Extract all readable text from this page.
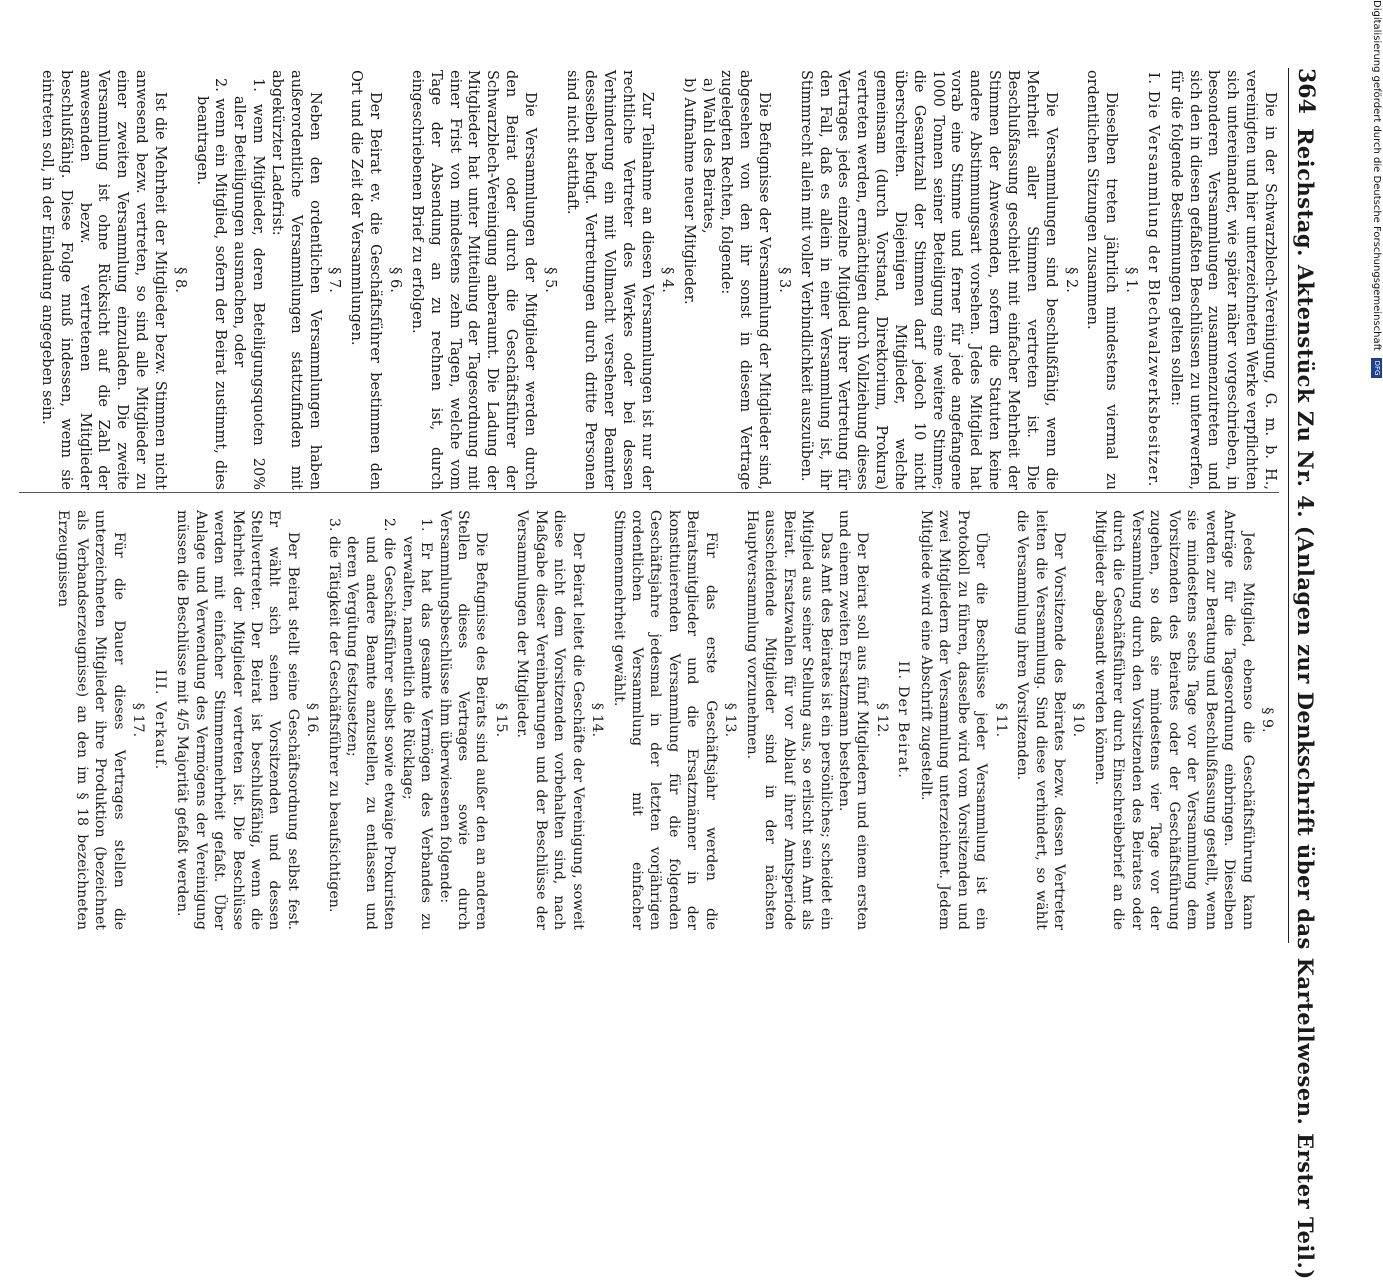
364
Reichstag. Aktenstück Zu Nr. 4. (Anlagen zur Denkschrift über das Kartellwesen. Erster Teil.)

Die in der Schwarzblech-Vereinigung, G. m. b. H., vereinigten und hier unterzeichneten Werke verpflichten sich untereinander, wie später näher vorgeschrieben, in besonderen Versammlungen zusammenzutreten und sich den in diesen gefaßten Beschlüssen zu unterwerfen, für die folgende Bestimmungen gelten sollen:

I. Die Versammlung der Blechwalzwerksbesitzer.
§ 1.

Dieselben treten jährlich mindestens viermal zu ordentlichen Sitzungen zusammen.

§ 2.

Die Versammlungen sind beschlußfähig, wenn die Mehrheit aller Stimmen vertreten ist. Die Beschlußfassung geschieht mit einfacher Mehrheit der Stimmen der Anwesenden, sofern die Statuten keine andere Abstimmungsart vorsehen. Jedes Mitglied hat vorab eine Stimme und ferner für jede angefangene 1000 Tonnen seiner Beteiligung eine weitere Stimme; die Gesamtzahl der Stimmen darf jedoch 10 nicht überschreiten. Diejenigen Mitglieder, welche gemeinsam (durch Vorstand, Direktorium, Prokura) vertreten werden, ermächtigen durch Vollziehung dieses Vertrages jedes einzelne Mitglied ihrer Vertretung für den Fall, daß es allein in einer Versammlung ist, ihr Stimmrecht allein mit voller Verbindlichkeit auszuüben.

§ 3.

Die Befugnisse der Versammlung der Mitglieder sind, abgesehen von den ihr sonst in diesem Vertrage zugelegten Rechten, folgende:

a) Wahl des Beirates,

b) Aufnahme neuer Mitglieder.

§ 4.

Zur Teilnahme an diesen Versammlungen ist nur der rechtliche Vertreter des Werkes oder bei dessen Verhinderung ein mit Vollmacht versehener Beamter desselben befugt. Vertretungen durch dritte Personen sind nicht statthaft.

§ 5.

Die Versammlungen der Mitglieder werden durch den Beirat oder durch die Geschäftsführer der Schwarzblech-Vereinigung anberaumt. Die Ladung der Mitglieder hat unter Mitteilung der Tagesordnung mit einer Frist von mindestens zehn Tagen, welche vom Tage der Absendung an zu rechnen ist, durch eingeschriebenen Brief zu erfolgen.

§ 6.

Der Beirat ev. die Geschäftsführer bestimmen den Ort und die Zeit der Versammlungen.

§ 7.

Neben den ordentlichen Versammlungen haben außerordentliche Versammlungen stattzufinden mit abgekürzter Ladefrist:

1. wenn Mitglieder, deren Beteiligungsquoten 20% aller Beteiligungen ausmachen, oder

2. wenn ein Mitglied, sofern der Beirat zustimmt, dies beantragen.

§ 8.

Ist die Mehrheit der Mitglieder bezw. Stimmen nicht anwesend bezw. vertreten, so sind alle Mitglieder zu einer zweiten Versammlung einzuladen. Die zweite Versammlung ist ohne Rücksicht auf die Zahl der anwesenden bezw. vertretenen Mitglieder beschlußfähig. Diese Folge muß indessen, wenn sie eintreten soll, in der Einladung angegeben sein.

§ 9.

Jedes Mitglied, ebenso die Geschäftsführung kann Anträge für die Tagesordnung einbringen. Dieselben werden zur Beratung und Beschlußfassung gestellt, wenn sie mindestens sechs Tage vor der Versammlung dem Vorsitzenden des Beirates oder der Geschäftsführung zugehen, so daß sie mindestens vier Tage vor der Versammlung durch den Vorsitzenden des Beirates oder durch die Geschäftsführer durch Einschreibebrief an die Mitglieder abgesandt werden können.

§ 10.

Der Vorsitzende des Beirates bezw. dessen Vertreter leiten die Versammlung. Sind diese verhindert, so wählt die Versammlung ihren Vorsitzenden.

§ 11.

Über die Beschlüsse jeder Versammlung ist ein Protokoll zu führen, dasselbe wird vom Vorsitzenden und zwei Mitgliedern der Versammlung unterzeichnet. Jedem Mitgliede wird eine Abschrift zugestellt.

II. Der Beirat.
§ 12.

Der Beirat soll aus fünf Mitgliedern und einem ersten und einem zweiten Ersatzmann bestehen.

Das Amt des Beirates ist ein persönliches; scheidet ein Mitglied aus seiner Stellung aus, so erlischt sein Amt als Beirat. Ersatzwahlen für vor Ablauf ihrer Amtsperiode ausscheidende Mitglieder sind in der nächsten Hauptversammlung vorzunehmen.

§ 13.

Für das erste Geschäftsjahr werden die Beiratsmitglieder und die Ersatzmänner in der konstituierenden Versammlung für die folgenden Geschäftsjahre jedesmal in der letzten vorjährigen ordentlichen Versammlung mit einfacher Stimmenmehrheit gewählt.

§ 14.

Der Beirat leitet die Geschäfte der Vereinigung, soweit diese nicht dem Vorsitzenden vorbehalten sind, nach Maßgabe dieser Vereinbarungen und der Beschlüsse der Versammlungen der Mitglieder.

§ 15.

Die Befugnisse des Beirats sind außer den an anderen Stellen dieses Vertrages sowie durch Versammlungsbeschlüsse ihm überwiesenen folgende:

1. Er hat das gesamte Vermögen des Verbandes zu verwalten, namentlich die Rücklage;

2. die Geschäftsführer selbst sowie etwaige Prokuristen und andere Beamte anzustellen, zu entlassen und deren Vergütung festzusetzen;

3. die Tätigkeit der Geschäftsführer zu beaufsichtigen.

§ 16.

Der Beirat stellt seine Geschäftsordnung selbst fest. Er wählt sich seinen Vorsitzenden und dessen Stellvertreter. Der Beirat ist beschlußfähig, wenn die Mehrheit der Mitglieder vertreten ist. Die Beschlüsse werden mit einfacher Stimmenmehrheit gefaßt. Über Anlage und Verwendung des Vermögens der Vereinigung müssen die Beschlüsse mit 4/5 Majorität gefaßt werden.

III. Verkauf.
§ 17.

Für die Dauer dieses Vertrages stellen die unterzeichneten Mitglieder ihre Produktion (bezeichnet als Verbandserzeugnisse) an den im § 18 bezeichneten Erzeugnissen

Digitalisierung gefördert durch die Deutsche Forschungsgemeinschaft DFG
